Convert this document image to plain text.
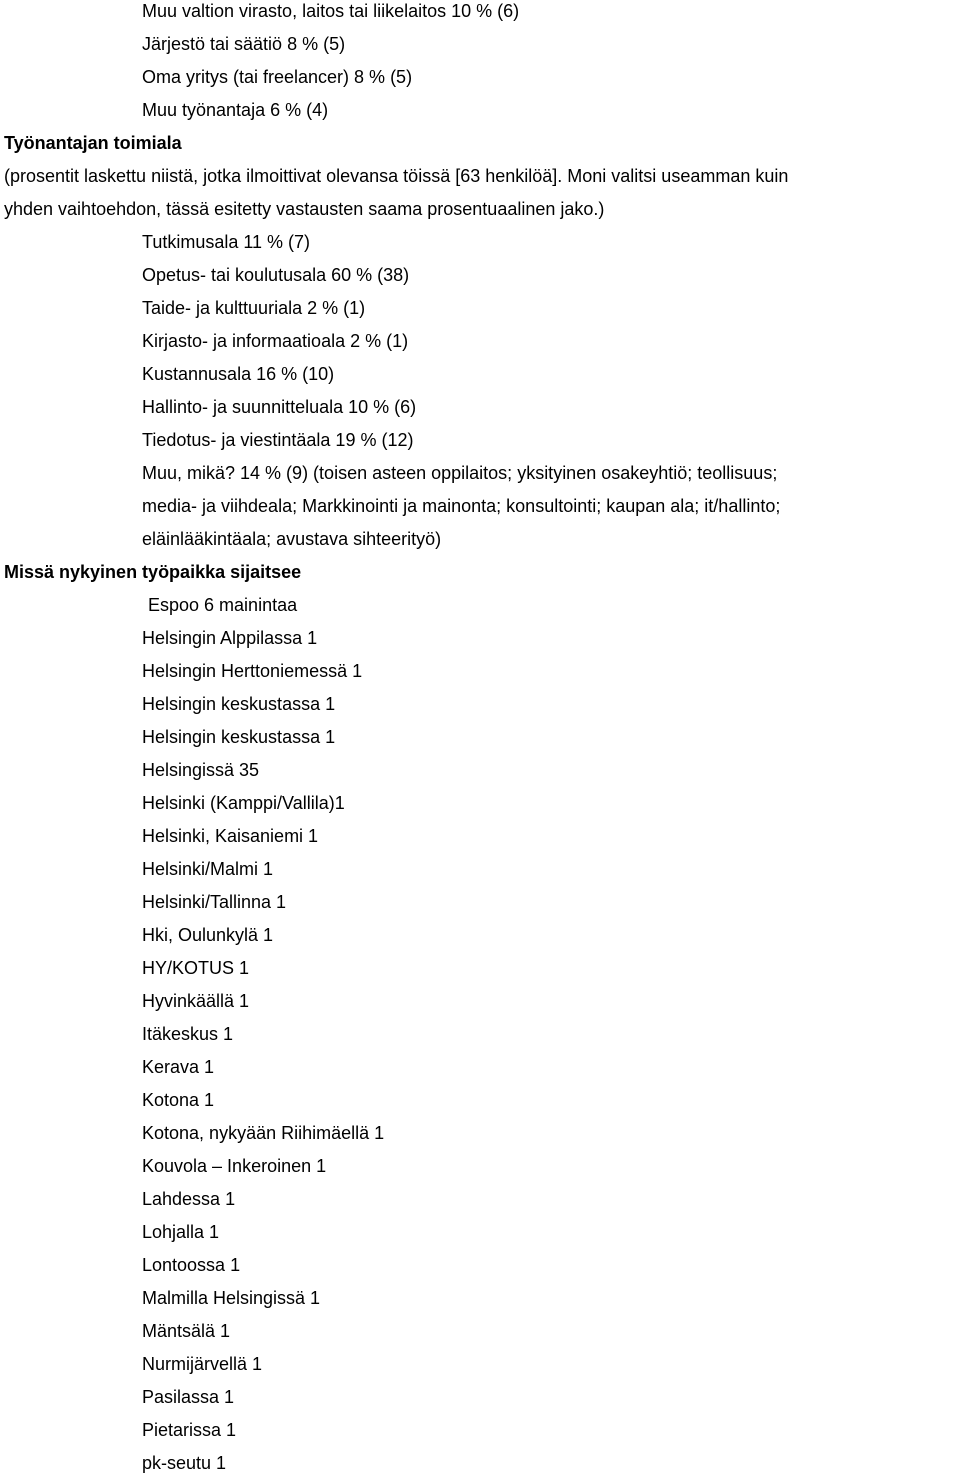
Muu valtion virasto, laitos tai liikelaitos 10 % (6)
Järjestö tai säätiö 8 % (5)
Oma yritys (tai freelancer) 8 % (5)
Muu työnantaja 6 % (4)
Työnantajan toimiala
(prosentit laskettu niistä, jotka ilmoittivat olevansa töissä [63 henkilöä]. Moni valitsi useamman kuin
yhden vaihtoehdon, tässä esitetty vastausten saama prosentuaalinen jako.)
Tutkimusala 11 % (7)
Opetus- tai koulutusala 60 % (38)
Taide- ja kulttuuriala 2 % (1)
Kirjasto- ja informaatioala 2 % (1)
Kustannusala 16 % (10)
Hallinto- ja suunnitteluala 10 % (6)
Tiedotus- ja viestintäala 19 % (12)
Muu, mikä? 14 % (9) (toisen asteen oppilaitos; yksityinen osakeyhtiö; teollisuus;
media- ja viihdeala; Markkinointi ja mainonta; konsultointi; kaupan ala; it/hallinto;
eläinlääkintäala; avustava sihteerityö)
Missä nykyinen työpaikka sijaitsee
Espoo 6 mainintaa
Helsingin Alppilassa 1
Helsingin Herttoniemessä 1
Helsingin keskustassa 1
Helsingin keskustassa 1
Helsingissä 35
Helsinki (Kamppi/Vallila)1
Helsinki, Kaisaniemi 1
Helsinki/Malmi 1
Helsinki/Tallinna 1
Hki, Oulunkylä 1
HY/KOTUS 1
Hyvinkäällä 1
Itäkeskus 1
Kerava 1
Kotona 1
Kotona, nykyään Riihimäellä 1
Kouvola – Inkeroinen 1
Lahdessa 1
Lohjalla 1
Lontoossa 1
Malmilla Helsingissä 1
Mäntsälä 1
Nurmijärvellä 1
Pasilassa 1
Pietarissa 1
pk-seutu 1
